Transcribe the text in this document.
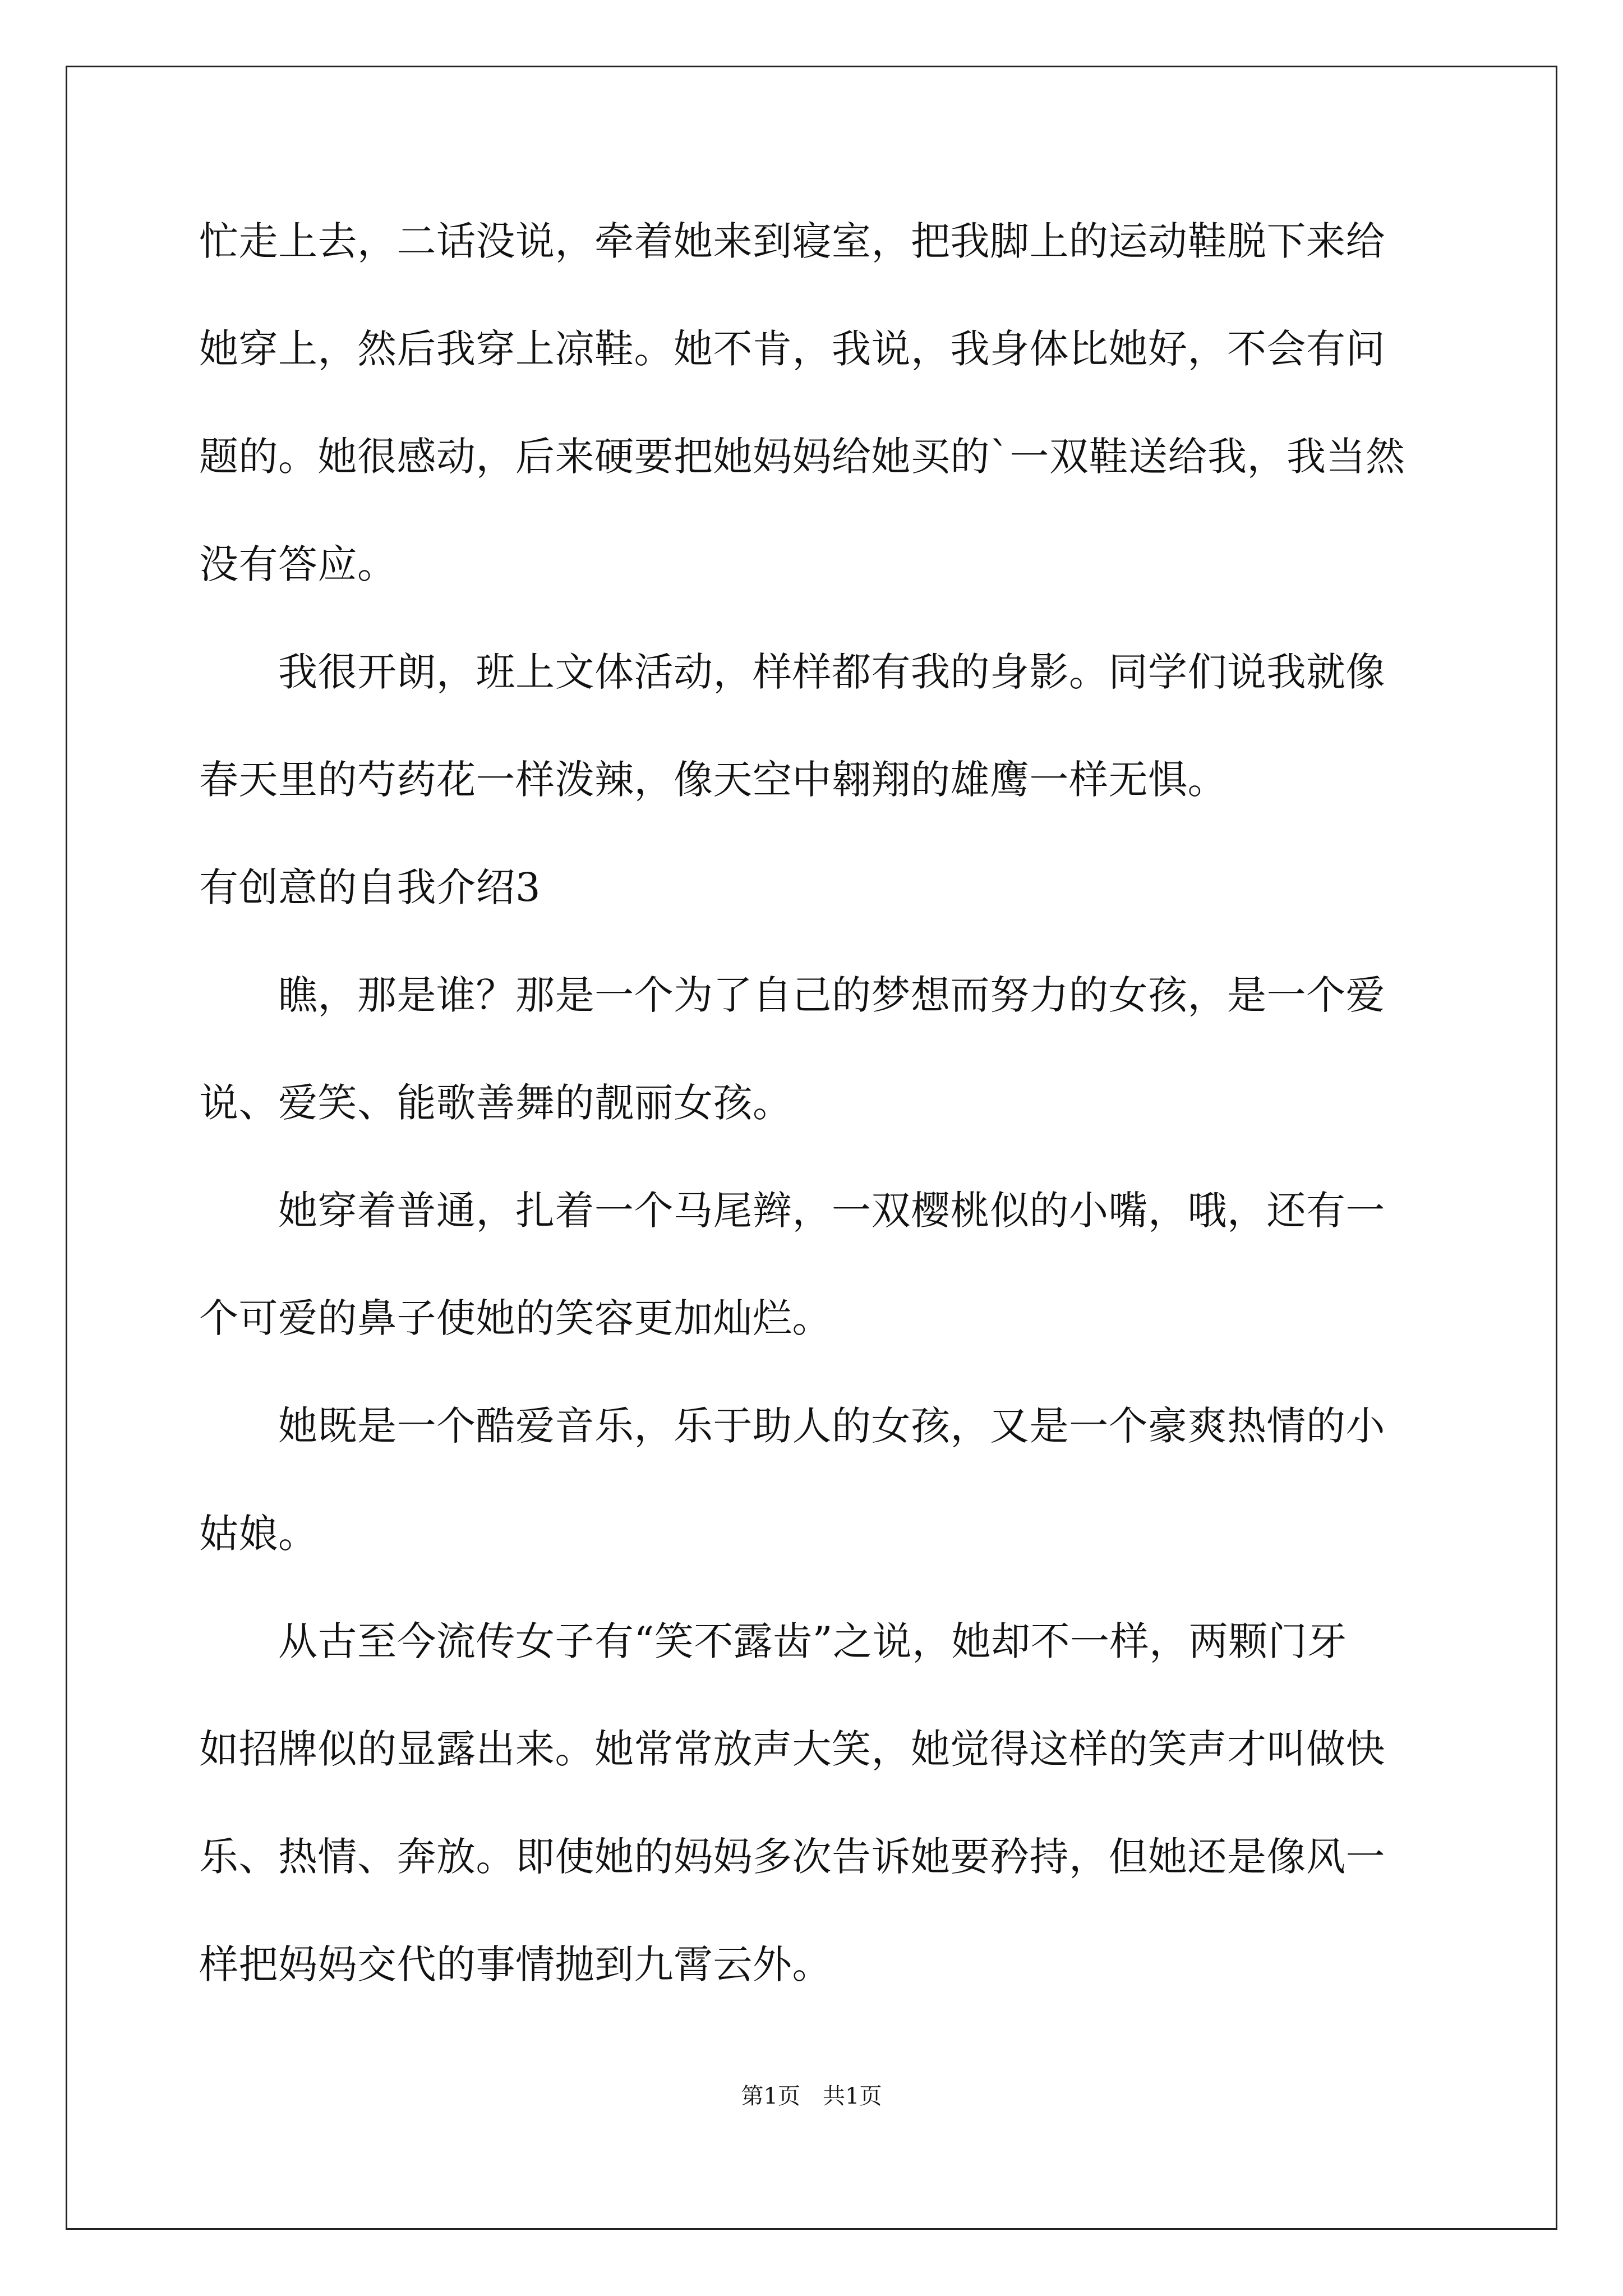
忙走上去，二话没说，牵着她来到寝室，把我脚上的运动鞋脱下来给
她穿上，然后我穿上凉鞋。她不肯，我说，我身体比她好，不会有问
题的。她很感动，后来硬要把她妈妈给她买的`一双鞋送给我，我当然
没有答应。
　　我很开朗，班上文体活动，样样都有我的身影。同学们说我就像
春天里的芍药花一样泼辣，像天空中翱翔的雄鹰一样无惧。
有创意的自我介绍3
　　瞧，那是谁？那是一个为了自己的梦想而努力的女孩，是一个爱
说、爱笑、能歌善舞的靓丽女孩。
　　她穿着普通，扎着一个马尾辫，一双樱桃似的小嘴，哦，还有一
个可爱的鼻子使她的笑容更加灿烂。
　　她既是一个酷爱音乐，乐于助人的女孩，又是一个豪爽热情的小
姑娘。
　　从古至今流传女子有“笑不露齿”之说，她却不一样，两颗门牙
如招牌似的显露出来。她常常放声大笑，她觉得这样的笑声才叫做快
乐、热情、奔放。即使她的妈妈多次告诉她要矜持，但她还是像风一
样把妈妈交代的事情抛到九霄云外。
第1页　共1页
